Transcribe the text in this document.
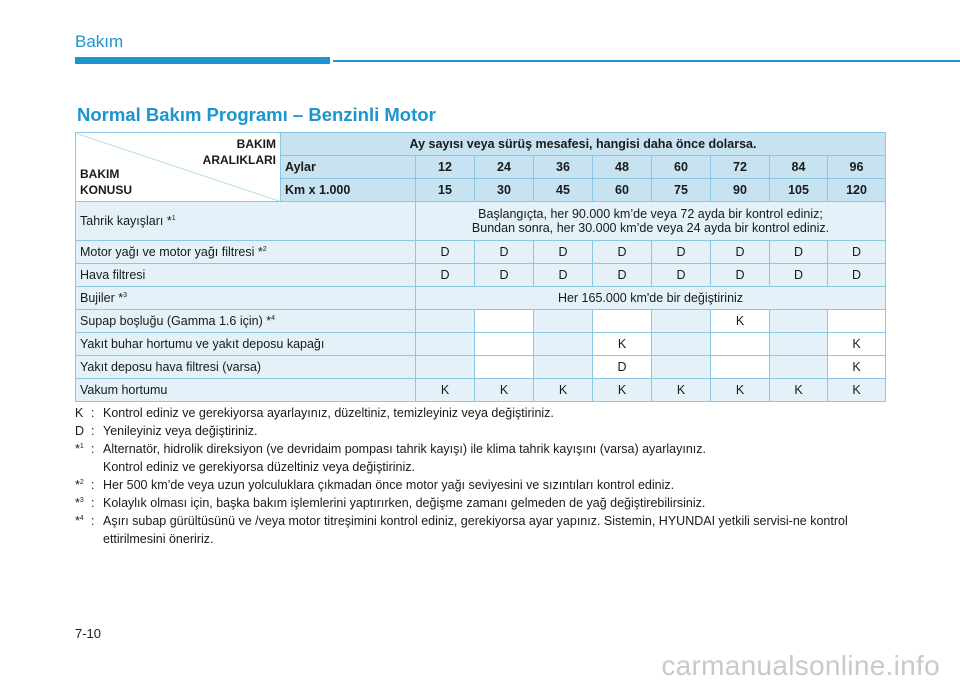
Bakım
Normal Bakım Programı – Benzinli Motor
BAKIM
ARALIKLARI
BAKIM
KONUSU	Ay sayısı veya sürüş mesafesi, hangisi daha önce dolarsa.								
	Aylar	12	24	36	48	60	72	84	96
	Km x 1.000	15	30	45	60	75	90	105	120
Tahrik kayışları *$^1$		Başlangıçta, her 90.000 km’de veya 72 ayda bir kontrol ediniz;
Bundan sonra, her 30.000 km’de veya 24 ayda bir kontrol ediniz.							

Motor yağı ve motor yağı filtresi *$^2$		D	D	D	D	D	D	D	D
Hava filtresi		D	D	D	D	D	D	D	D
Bujiler *$^3$		Her 165.000 km'de bir değiştiriniz							
Supap boşluğu (Gamma 1.6 için) *$^4$							K		
Yakıt buhar hortumu ve yakıt deposu kapağı					K				K
Yakıt deposu hava filtresi (varsa)					D				K
Vakum hortumu		K	K	K	K	K	K	K	K
K : Kontrol ediniz ve gerekiyorsa ayarlayınız, düzeltiniz, temizleyiniz veya değiştiriniz.
D : Yenileyiniz veya değiştiriniz.
*$^1$ : Alternatör, hidrolik direksiyon (ve devridaim pompası tahrik kayışı) ile klima tahrik kayışını (varsa) ayarlayınız.
Kontrol ediniz ve gerekiyorsa düzeltiniz veya değiştiriniz.
*$^2$ : Her 500 km’de veya uzun yolculuklara çıkmadan önce motor yağı seviyesini ve sızıntıları kontrol ediniz.
*$^3$ : Kolaylık olması için, başka bakım işlemlerini yaptırırken, değişme zamanı gelmeden de yağ değiştirebilirsiniz.
*$^4$ : Aşırı subap gürültüsünü ve /veya motor titreşimini kontrol ediniz, gerekiyorsa ayar yapınız. Sistemin, HYUNDAI yetkili servisi-ne kontrol ettirilmesini öneririz.
7-10
carmanualsonline.info
